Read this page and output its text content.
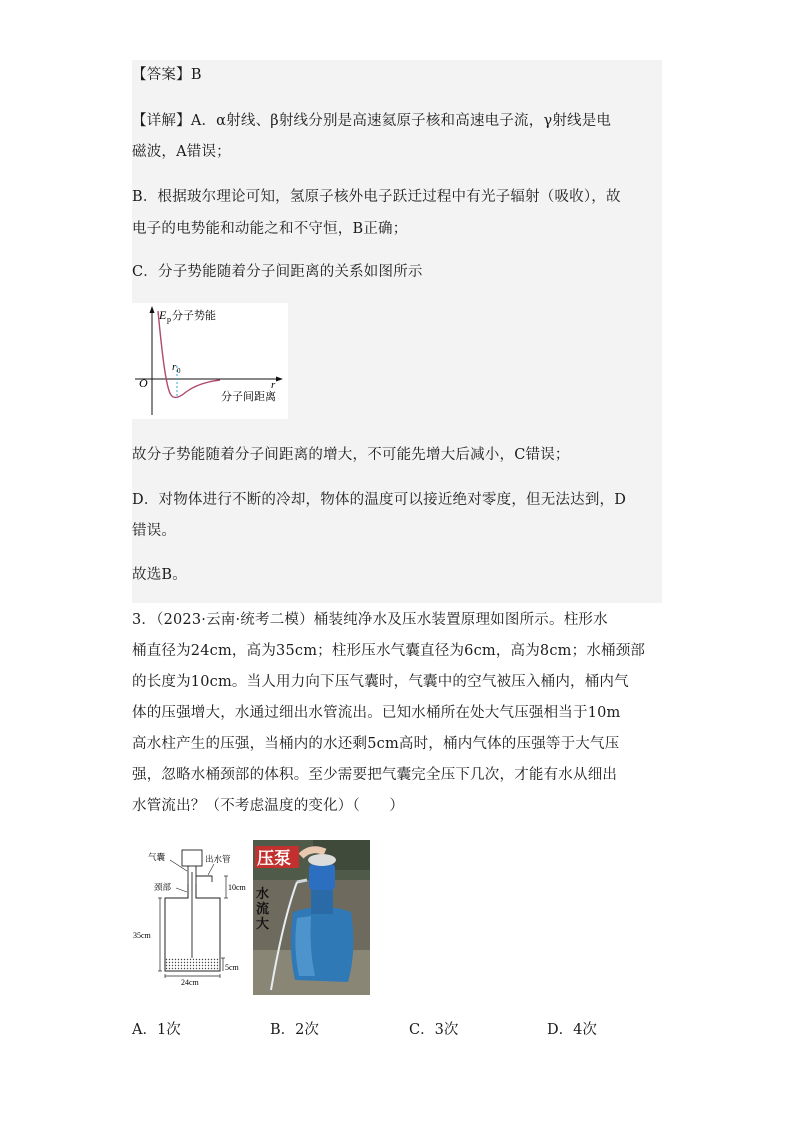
【答案】B
【详解】A．α射线、β射线分别是高速氦原子核和高速电子流，γ射线是电
磁波，A错误；
B．根据玻尔理论可知，氢原子核外电子跃迁过程中有光子辐射（吸收），故
电子的电势能和动能之和不守恒，B正确；
C．分子势能随着分子间距离的关系如图所示
E p 分子势能
r 0
O	r
分子间距离
故分子势能随着分子间距离的增大，不可能先增大后减小，C错误；
D．对物体进行不断的冷却，物体的温度可以接近绝对零度，但无法达到，D
错误。
故选B。
3．（2023·云南·统考二模）桶装纯净水及压水装置原理如图所示。柱形水
桶直径为24cm，高为35cm；柱形压水气囊直径为6cm，高为8cm；水桶颈部
的长度为10cm。当人用力向下压气囊时，气囊中的空气被压入桶内，桶内气
体的压强增大，水通过细出水管流出。已知水桶所在处大气压强相当于10m
高水柱产生的压强，当桶内的水还剩5cm高时，桶内气体的压强等于大气压
强，忽略水桶颈部的体积。至少需要把气囊完全压下几次，才能有水从细出
水管流出？（不考虑温度的变化）（　　）
气囊	出水管
颈部	10cm
35cm
5cm
24cm
压泵
水
流
大
A．1次	B．2次	C．3次	D．4次
